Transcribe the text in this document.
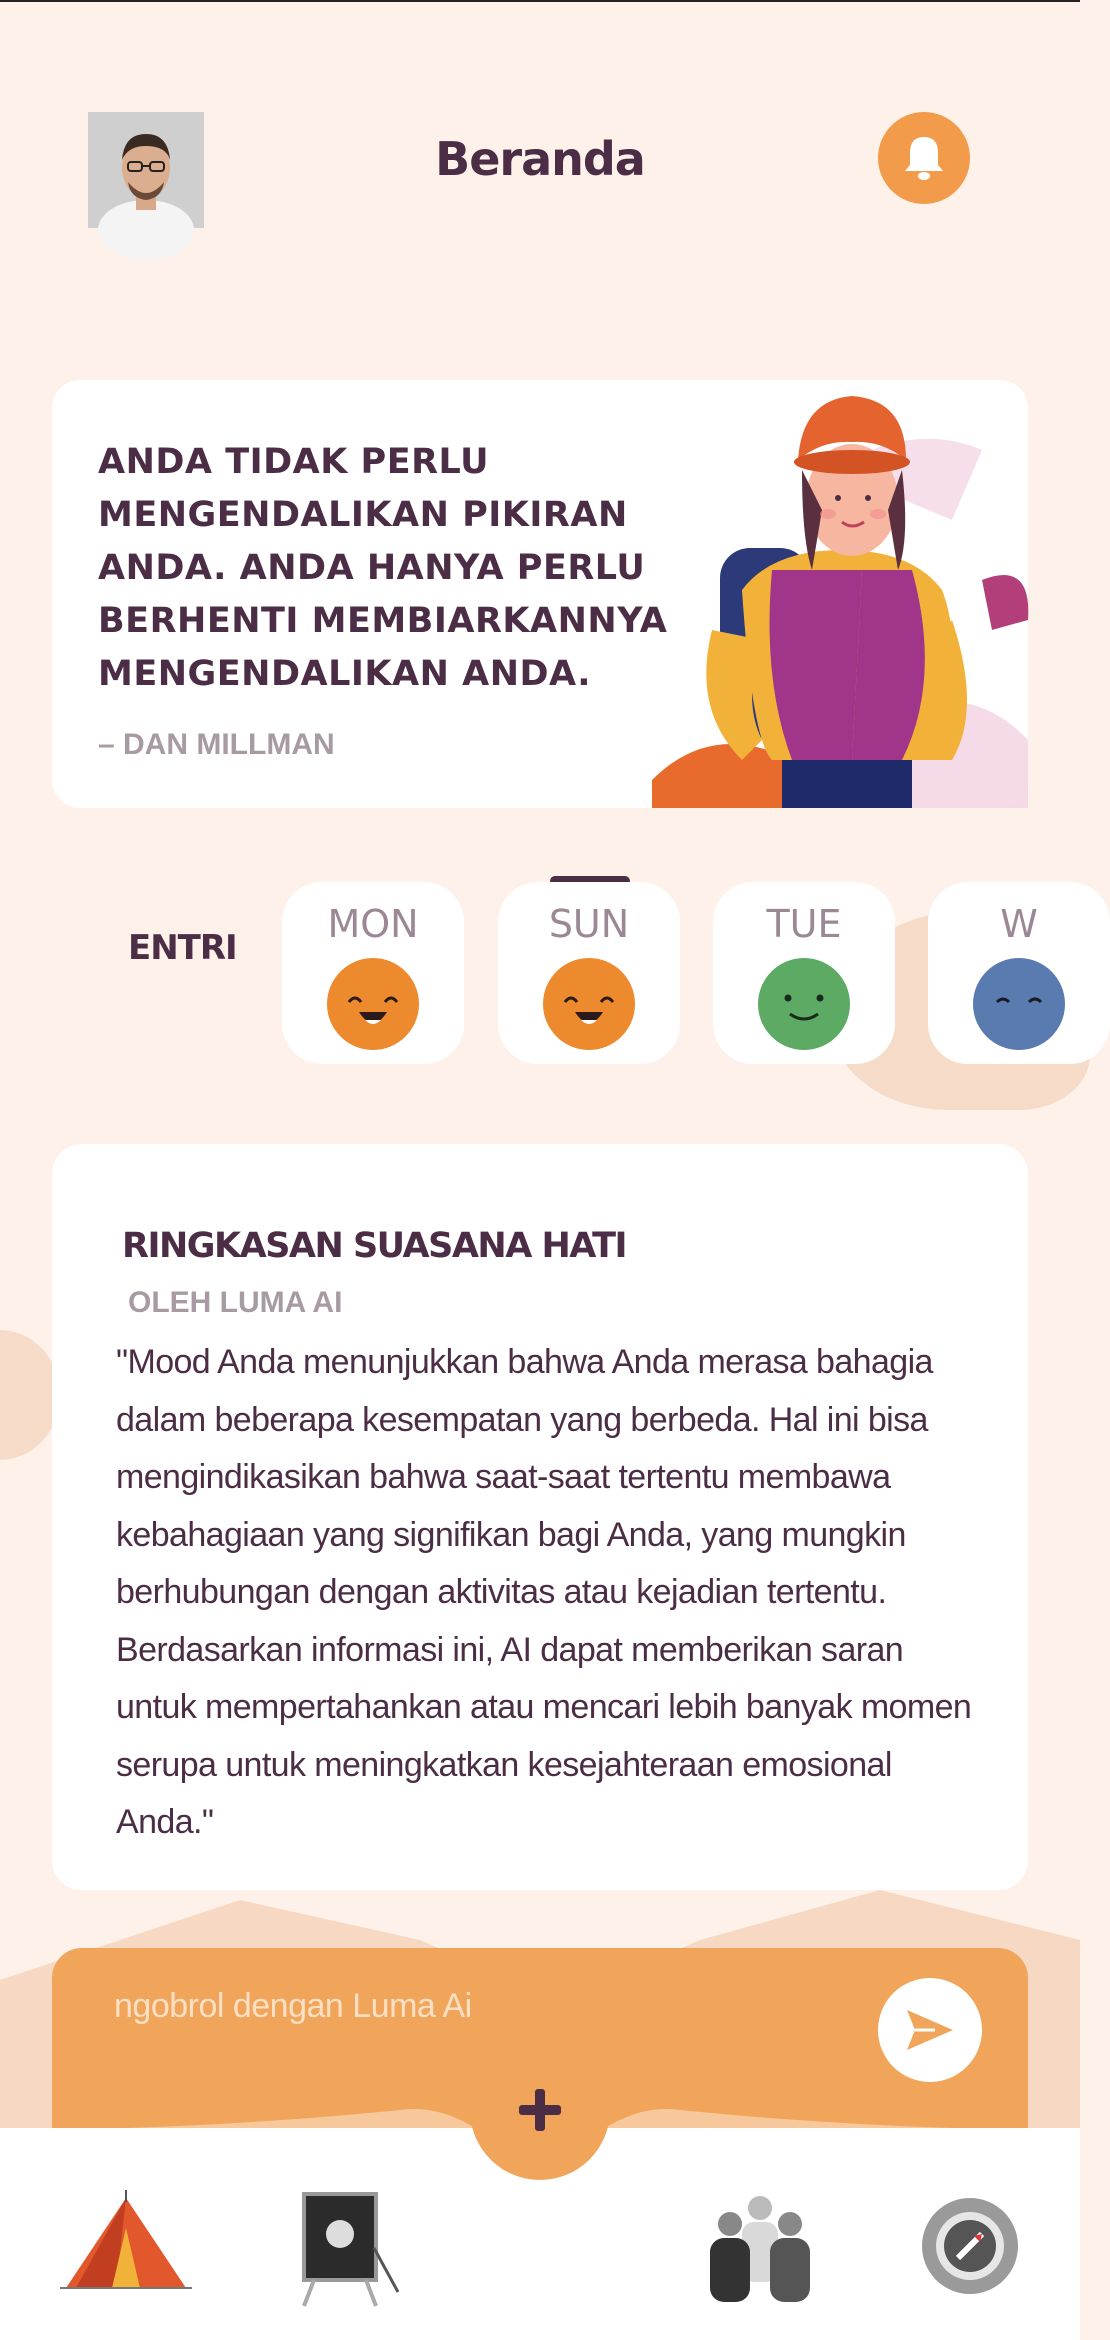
Beranda
ANDA TIDAK PERLU MENGENDALIKAN PIKIRAN ANDA. ANDA HANYA PERLU BERHENTI MEMBIARKANNYA MENGENDALIKAN ANDA.
– DAN MILLMAN
ENTRI
MON	SUN	TUE	W
RINGKASAN SUASANA HATI
OLEH LUMA AI
"Mood Anda menunjukkan bahwa Anda merasa bahagia dalam beberapa kesempatan yang berbeda. Hal ini bisa mengindikasikan bahwa saat-saat tertentu membawa kebahagiaan yang signifikan bagi Anda, yang mungkin berhubungan dengan aktivitas atau kejadian tertentu. Berdasarkan informasi ini, AI dapat memberikan saran untuk mempertahankan atau mencari lebih banyak momen serupa untuk meningkatkan kesejahteraan emosional Anda."
ngobrol dengan Luma Ai
